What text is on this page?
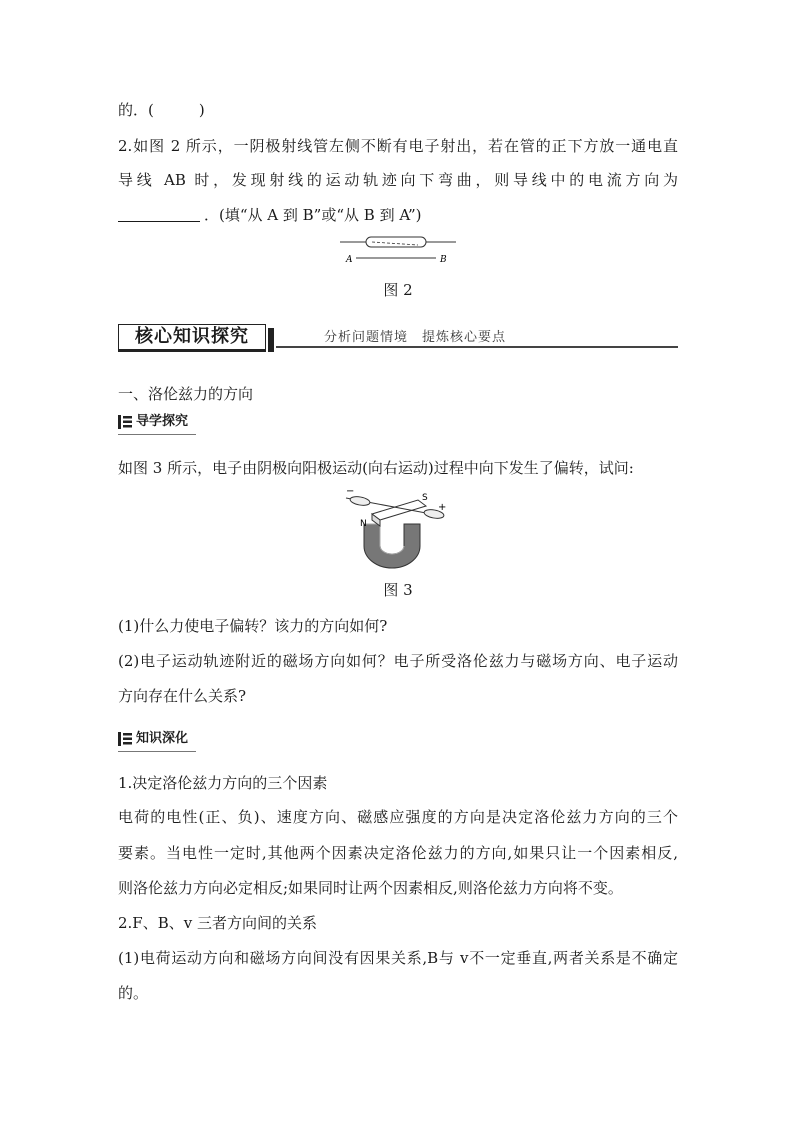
的．(　　　)
2.如图 2 所示，一阴极射线管左侧不断有电子射出，若在管的正下方放一通电直
导线 AB 时，发现射线的运动轨迹向下弯曲，则导线中的电流方向为
．(填“从 A 到 B”或“从 B 到 A”)
A	B
图 2
核心知识探究	分析问题情境　提炼核心要点
一、洛伦兹力的方向
导学探究
如图 3 所示，电子由阴极向阳极运动(向右运动)过程中向下发生了偏转，试问:
−
+
S
N
图 3
(1)什么力使电子偏转？该力的方向如何?
(2)电子运动轨迹附近的磁场方向如何？电子所受洛伦兹力与磁场方向、电子运动
方向存在什么关系?
知识深化
1.决定洛伦兹力方向的三个因素
电荷的电性(正、负)、速度方向、磁感应强度的方向是决定洛伦兹力方向的三个
要素。当电性一定时,其他两个因素决定洛伦兹力的方向,如果只让一个因素相反,
则洛伦兹力方向必定相反;如果同时让两个因素相反,则洛伦兹力方向将不变。
2.F、B、v 三者方向间的关系
(1)电荷运动方向和磁场方向间没有因果关系,B与 v不一定垂直,两者关系是不确定
的。
